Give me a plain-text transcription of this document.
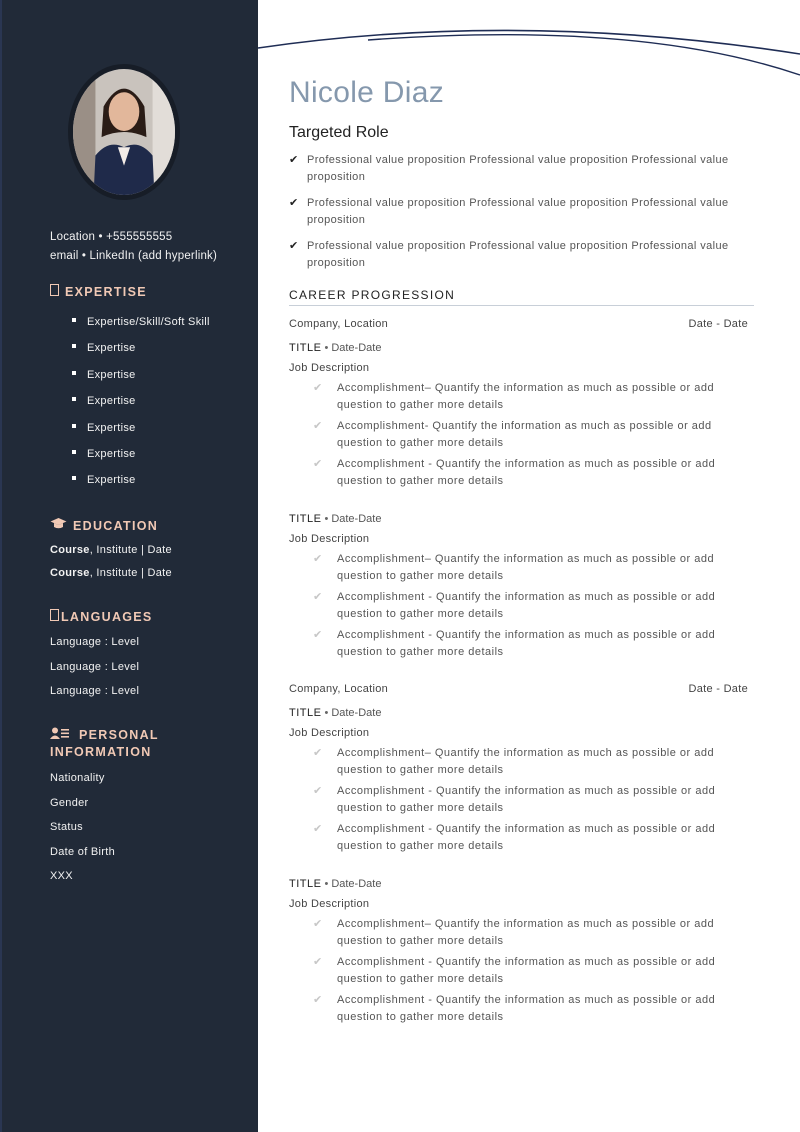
Location • +555555555
email • LinkedIn (add hyperlink)
EXPERTISE
Expertise/Skill/Soft Skill
Expertise
Expertise
Expertise
Expertise
Expertise
Expertise
EDUCATION
Course, Institute | Date
Course, Institute | Date
LANGUAGES
Language : Level
Language : Level
Language : Level
PERSONAL
INFORMATION
Nationality
Gender
Status
Date of Birth
XXX
Nicole Diaz
Targeted Role
✔ Professional value proposition Professional value proposition Professional value proposition
✔ Professional value proposition Professional value proposition Professional value proposition
✔ Professional value proposition Professional value proposition Professional value proposition
CAREER PROGRESSION
Company, Location	Date - Date
TITLE • Date-Date
Job Description
✔ Accomplishment– Quantify the information as much as possible or add
question to gather more details
✔ Accomplishment- Quantify the information as much as possible or add
question to gather more details
✔ Accomplishment - Quantify the information as much as possible or add
question to gather more details
TITLE • Date-Date
Job Description
✔ Accomplishment– Quantify the information as much as possible or add
question to gather more details
✔ Accomplishment - Quantify the information as much as possible or add
question to gather more details
✔ Accomplishment - Quantify the information as much as possible or add
question to gather more details
Company, Location	Date - Date
TITLE • Date-Date
Job Description
✔ Accomplishment– Quantify the information as much as possible or add
question to gather more details
✔ Accomplishment - Quantify the information as much as possible or add
question to gather more details
✔ Accomplishment - Quantify the information as much as possible or add
question to gather more details
TITLE • Date-Date
Job Description
✔ Accomplishment– Quantify the information as much as possible or add
question to gather more details
✔ Accomplishment - Quantify the information as much as possible or add
question to gather more details
✔ Accomplishment - Quantify the information as much as possible or add
question to gather more details
